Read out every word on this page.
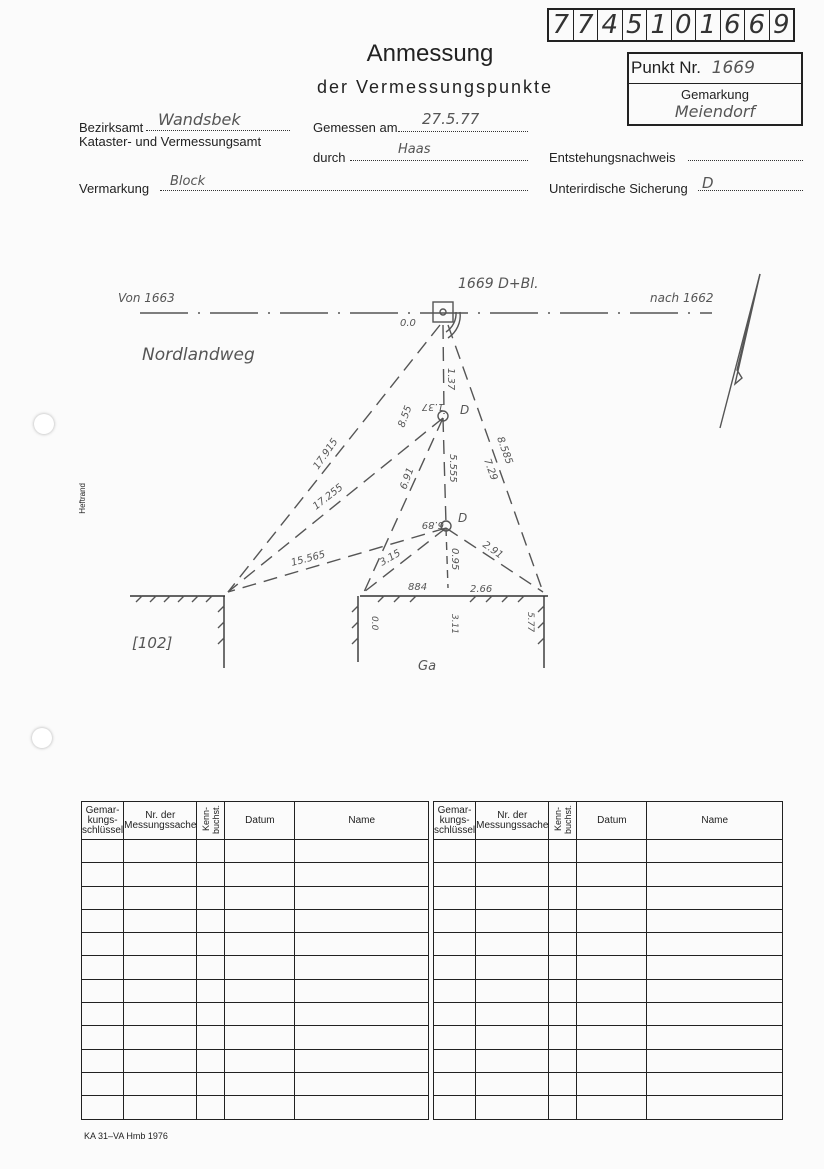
7 7 4 5 1 0 1 6 6 9
Anmessung
der Vermessungspunkte
Punkt Nr. 1669
Gemarkung
Meiendorf
Bezirksamt Wandsbek
Kataster- und Vermessungsamt
Gemessen am 27.5.77
durch
Haas
Entstehungsnachweis
Vermarkung Block	Unterirdische Sicherung D
Von 1663	nach 1662
1669 D+Bl.
Nordlandweg
[102]
Ga
0.0
1.37
1.37
8.55	D
8.585
7.29
17.915
17.255
6.91	5.555
6.89 D
15.565	3.15	0.95 2.91
884	2.66
0.0	3.11	5.77
Heftrand
Gemar-kungs-schlüssel	Nr. der Messungssache	Kenn-buchst.	Datum	Name

Gemar-kungs-schlüssel	Nr. der Messungssache	Kenn-buchst.	Datum	Name

KA 31–VA Hmb 1976
